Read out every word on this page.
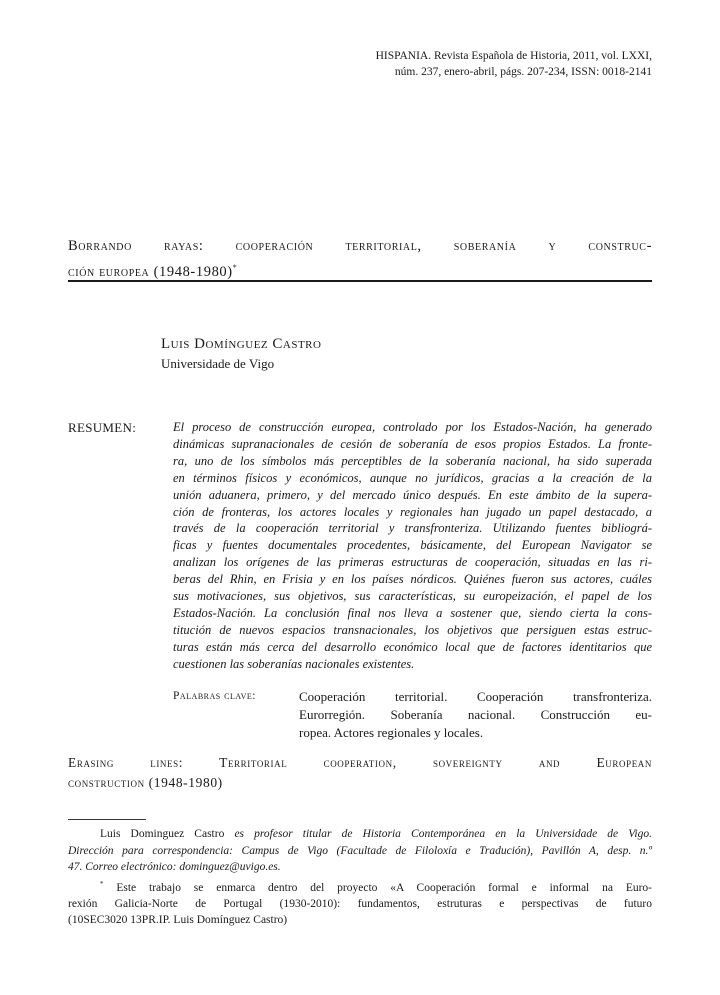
HISPANIA. Revista Española de Historia, 2011, vol. LXXI,
núm. 237, enero-abril, págs. 207-234, ISSN: 0018-2141
Borrando rayas: cooperación territorial, soberanía y construc-
ción europea (1948-1980)*
Luis Domínguez Castro
Universidade de Vigo
RESUMEN:	El proceso de construcción europea, controlado por los Estados-Nación, ha generado
dinámicas supranacionales de cesión de soberanía de esos propios Estados. La fronte-
ra, uno de los símbolos más perceptibles de la soberanía nacional, ha sido superada
en términos físicos y económicos, aunque no jurídicos, gracias a la creación de la
unión aduanera, primero, y del mercado único después. En este ámbito de la supera-
ción de fronteras, los actores locales y regionales han jugado un papel destacado, a
través de la cooperación territorial y transfronteriza. Utilizando fuentes bibliográ-
ficas y fuentes documentales procedentes, básicamente, del European Navigator se
analizan los orígenes de las primeras estructuras de cooperación, situadas en las ri-
beras del Rhin, en Frisia y en los países nórdicos. Quiénes fueron sus actores, cuáles
sus motivaciones, sus objetivos, sus características, su europeización, el papel de los
Estados-Nación. La conclusión final nos lleva a sostener que, siendo cierta la cons-
titución de nuevos espacios transnacionales, los objetivos que persiguen estas estruc-
turas están más cerca del desarrollo económico local que de factores identitarios que
cuestionen las soberanías nacionales existentes.
Palabras clave:	Cooperación territorial. Cooperación transfronteriza.
Eurorregión. Soberanía nacional. Construcción eu-
ropea. Actores regionales y locales.
Erasing lines: Territorial cooperation, sovereignty and European
construction (1948-1980)
Luis Dominguez Castro es profesor titular de Historia Contemporánea en la Universidade de Vigo.
Dirección para correspondencia: Campus de Vigo (Facultade de Filoloxía e Tradución), Pavillón A, desp. n.º
47. Correo electrónico: dominguez@uvigo.es.
* Este trabajo se enmarca dentro del proyecto «A Cooperación formal e informal na Euro-
rexión Galicia-Norte de Portugal (1930-2010): fundamentos, estruturas e perspectivas de futuro
(10SEC3020 13PR.IP. Luis Domínguez Castro)
